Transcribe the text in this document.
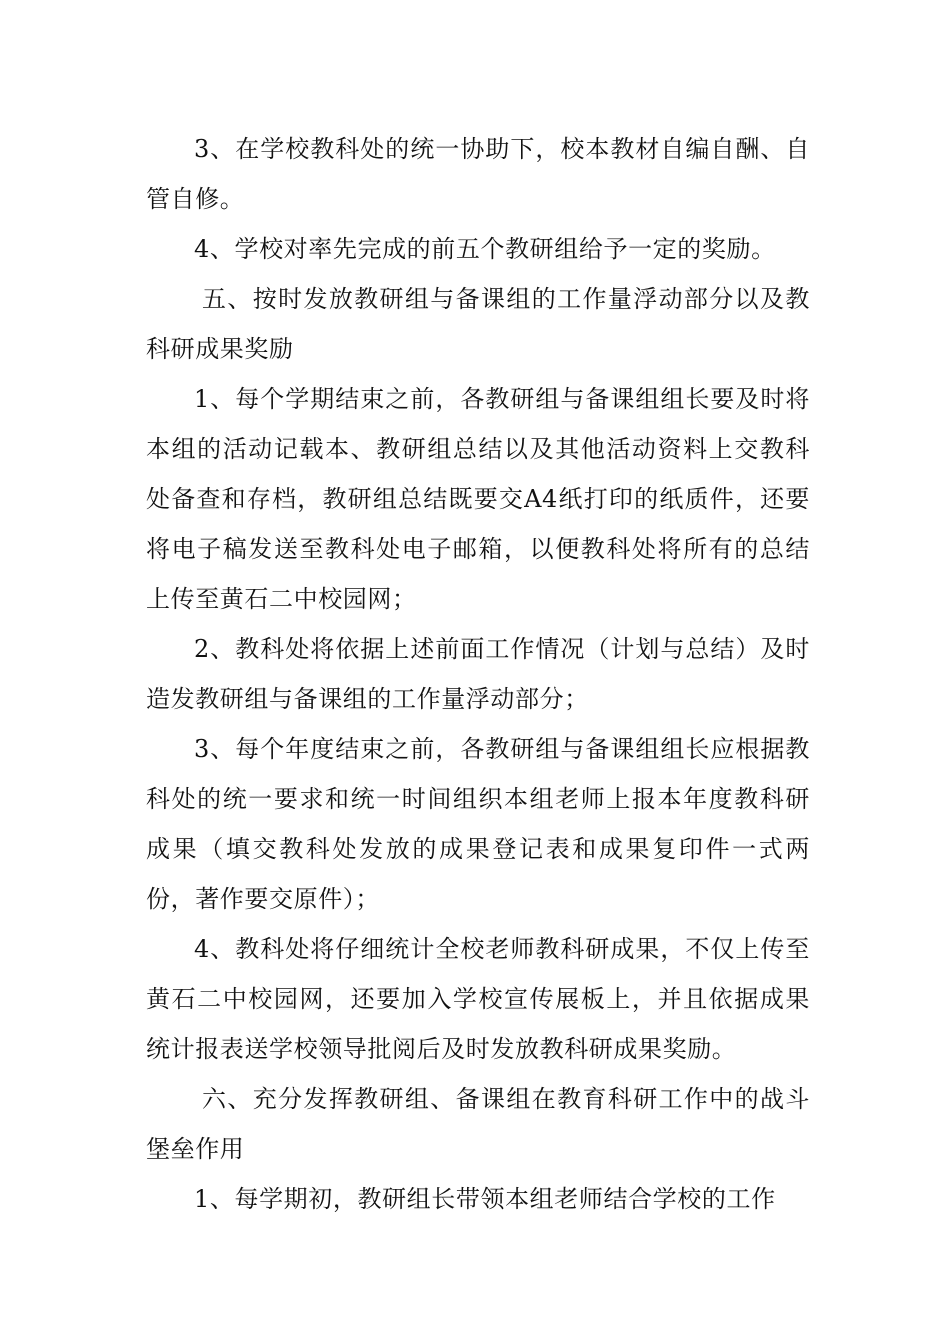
3、在学校教科处的统一协助下，校本教材自编自酬、自管自修。

4、学校对率先完成的前五个教研组给予一定的奖励。

五、按时发放教研组与备课组的工作量浮动部分以及教科研成果奖励

1、每个学期结束之前，各教研组与备课组组长要及时将本组的活动记载本、教研组总结以及其他活动资料上交教科处备查和存档，教研组总结既要交A4纸打印的纸质件，还要将电子稿发送至教科处电子邮箱，以便教科处将所有的总结上传至黄石二中校园网；

2、教科处将依据上述前面工作情况（计划与总结）及时造发教研组与备课组的工作量浮动部分；

3、每个年度结束之前，各教研组与备课组组长应根据教科处的统一要求和统一时间组织本组老师上报本年度教科研成果（填交教科处发放的成果登记表和成果复印件一式两份，著作要交原件）；

4、教科处将仔细统计全校老师教科研成果，不仅上传至黄石二中校园网，还要加入学校宣传展板上，并且依据成果统计报表送学校领导批阅后及时发放教科研成果奖励。

六、充分发挥教研组、备课组在教育科研工作中的战斗堡垒作用

1、每学期初，教研组长带领本组老师结合学校的工作
